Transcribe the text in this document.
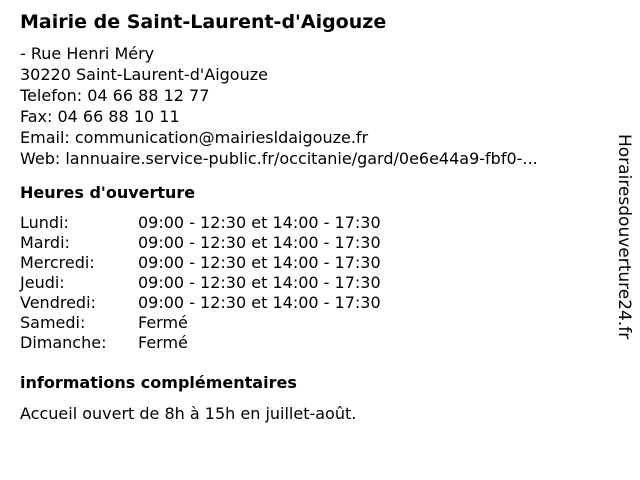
Mairie de Saint-Laurent-d'Aigouze
- Rue Henri Méry
30220 Saint-Laurent-d'Aigouze
Telefon: 04 66 88 12 77
Fax: 04 66 88 10 11
Email: communication@mairiesldaigouze.fr
Web: lannuaire.service-public.fr/occitanie/gard/0e6e44a9-fbf0-...
Heures d'ouverture
Lundi:	09:00 - 12:30 et 14:00 - 17:30
Mardi:	09:00 - 12:30 et 14:00 - 17:30
Mercredi:	09:00 - 12:30 et 14:00 - 17:30
Jeudi:	09:00 - 12:30 et 14:00 - 17:30
Vendredi:	09:00 - 12:30 et 14:00 - 17:30
Samedi:	Fermé
Dimanche: Fermé
informations complémentaires
Accueil ouvert de 8h à 15h en juillet-août.
Horairesdouverture24.fr
